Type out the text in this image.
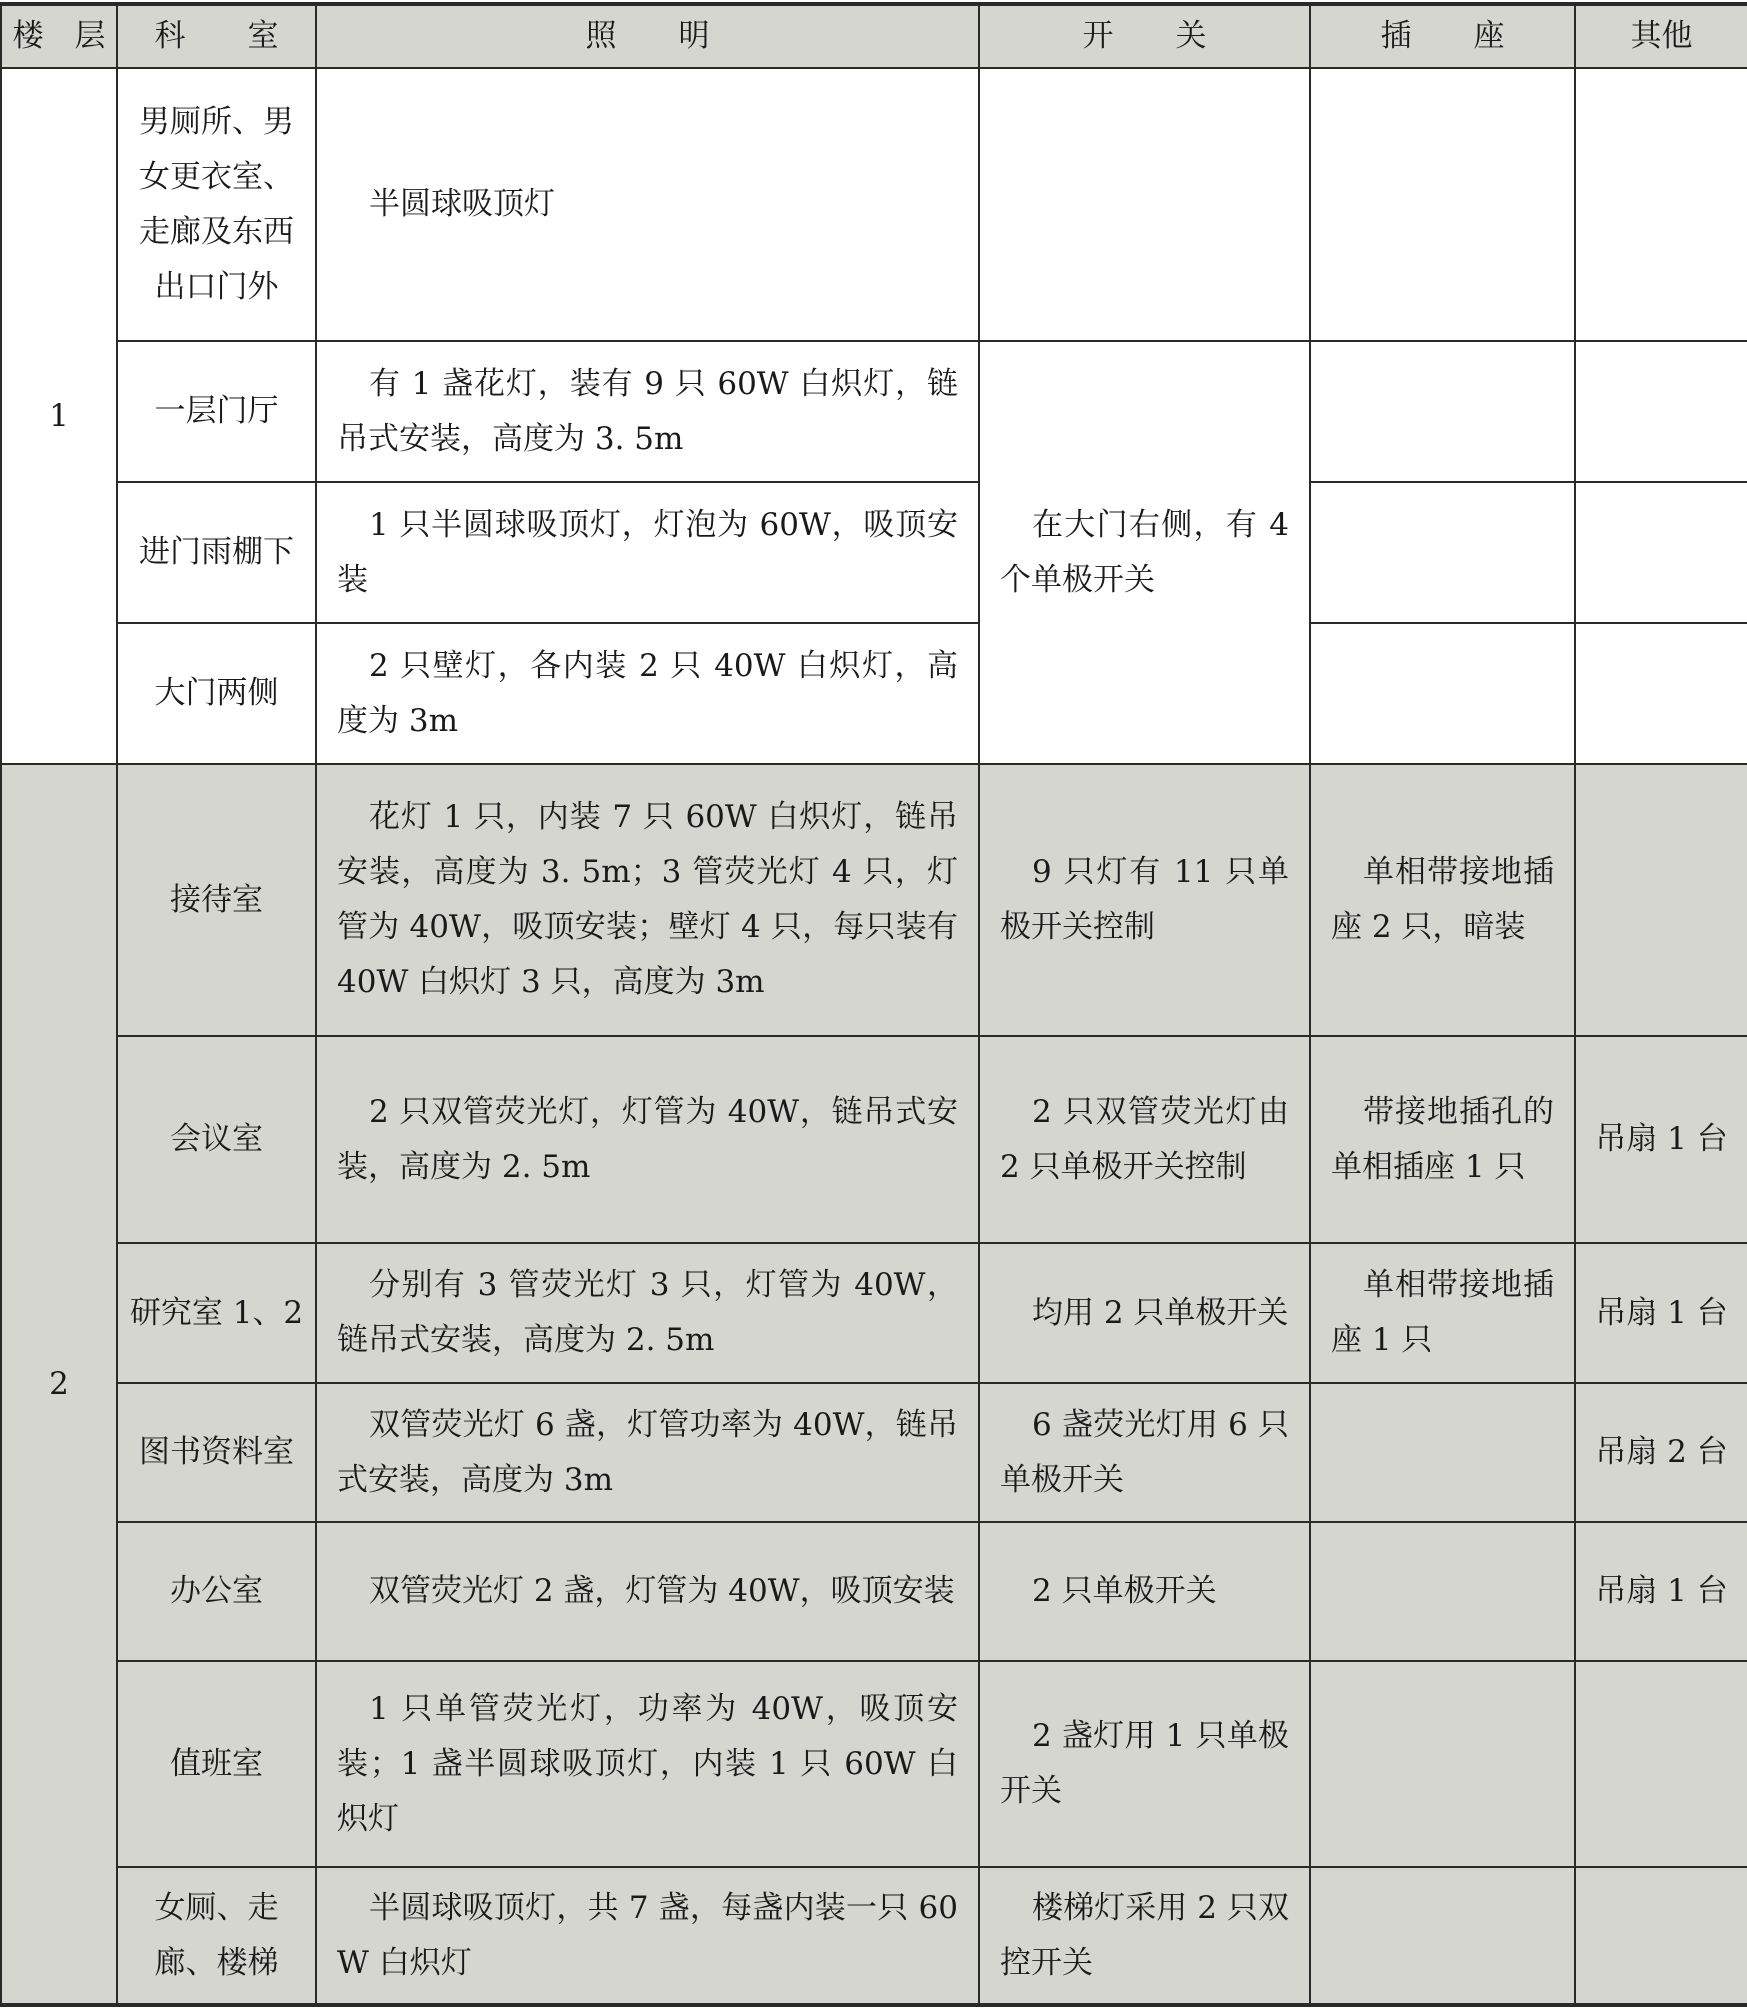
楼　层	科　　室	照　　明	开　　关	插　　座	其他
1	男厕所、男女更衣室、走廊及东西出口门外	半圆球吸顶灯			
	一层门厅	有 1 盏花灯，装有 9 只 60W 白炽灯，链吊式安装，高度为 3. 5m	在大门右侧，有 4 个单极开关		
	进门雨棚下	1 只半圆球吸顶灯，灯泡为 60W，吸顶安装			
	大门两侧	2 只壁灯，各内装 2 只 40W 白炽灯，高度为 3m			
2	接待室	花灯 1 只，内装 7 只 60W 白炽灯，链吊安装，高度为 3. 5m；3 管荧光灯 4 只，灯管为 40W，吸顶安装；壁灯 4 只，每只装有 40W 白炽灯 3 只，高度为 3m	9 只灯有 11 只单极开关控制	单相带接地插座 2 只，暗装	
	会议室	2 只双管荧光灯，灯管为 40W，链吊式安装，高度为 2. 5m	2 只双管荧光灯由 2 只单极开关控制	带接地插孔的单相插座 1 只	吊扇 1 台
	研究室 1、2	分别有 3 管荧光灯 3 只，灯管为 40W，链吊式安装，高度为 2. 5m	均用 2 只单极开关	单相带接地插座 1 只	吊扇 1 台
	图书资料室	双管荧光灯 6 盏，灯管功率为 40W，链吊式安装，高度为 3m	6 盏荧光灯用 6 只单极开关		吊扇 2 台
	办公室	双管荧光灯 2 盏，灯管为 40W，吸顶安装	2 只单极开关		吊扇 1 台
	值班室	1 只单管荧光灯，功率为 40W，吸顶安装；1 盏半圆球吸顶灯，内装 1 只 60W 白炽灯	2 盏灯用 1 只单极开关		
	女厕、走廊、楼梯	半圆球吸顶灯，共 7 盏，每盏内装一只 60W 白炽灯	楼梯灯采用 2 只双控开关		
